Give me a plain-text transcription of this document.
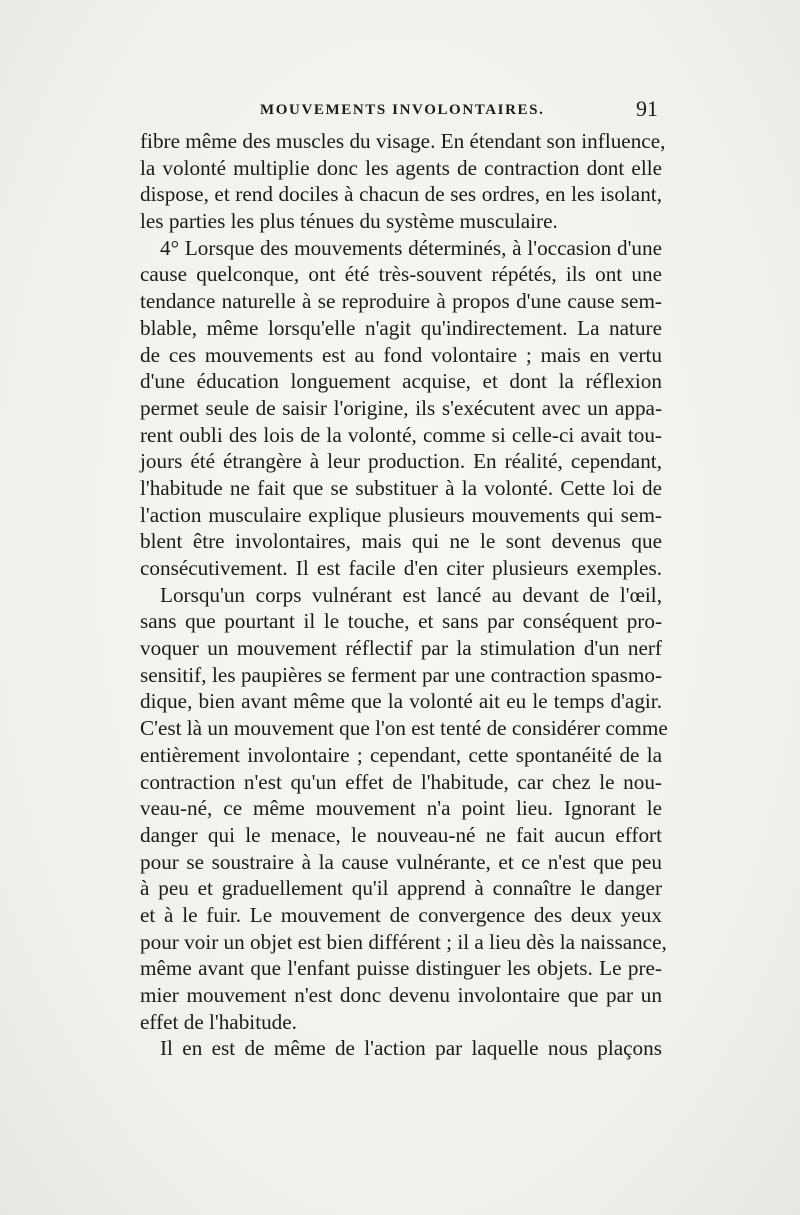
MOUVEMENTS INVOLONTAIRES.	91
fibre même des muscles du visage. En étendant son influence,
la volonté multiplie donc les agents de contraction dont elle
dispose, et rend dociles à chacun de ses ordres, en les isolant,
les parties les plus ténues du système musculaire.
4° Lorsque des mouvements déterminés, à l'occasion d'une
cause quelconque, ont été très-souvent répétés, ils ont une
tendance naturelle à se reproduire à propos d'une cause sem-
blable, même lorsqu'elle n'agit qu'indirectement. La nature
de ces mouvements est au fond volontaire ; mais en vertu
d'une éducation longuement acquise, et dont la réflexion
permet seule de saisir l'origine, ils s'exécutent avec un appa-
rent oubli des lois de la volonté, comme si celle-ci avait tou-
jours été étrangère à leur production. En réalité, cependant,
l'habitude ne fait que se substituer à la volonté. Cette loi de
l'action musculaire explique plusieurs mouvements qui sem-
blent être involontaires, mais qui ne le sont devenus que
consécutivement. Il est facile d'en citer plusieurs exemples.
Lorsqu'un corps vulnérant est lancé au devant de l'œil,
sans que pourtant il le touche, et sans par conséquent pro-
voquer un mouvement réflectif par la stimulation d'un nerf
sensitif, les paupières se ferment par une contraction spasmo-
dique, bien avant même que la volonté ait eu le temps d'agir.
C'est là un mouvement que l'on est tenté de considérer comme
entièrement involontaire ; cependant, cette spontanéité de la
contraction n'est qu'un effet de l'habitude, car chez le nou-
veau-né, ce même mouvement n'a point lieu. Ignorant le
danger qui le menace, le nouveau-né ne fait aucun effort
pour se soustraire à la cause vulnérante, et ce n'est que peu
à peu et graduellement qu'il apprend à connaître le danger
et à le fuir. Le mouvement de convergence des deux yeux
pour voir un objet est bien différent ; il a lieu dès la naissance,
même avant que l'enfant puisse distinguer les objets. Le pre-
mier mouvement n'est donc devenu involontaire que par un
effet de l'habitude.
Il en est de même de l'action par laquelle nous plaçons
